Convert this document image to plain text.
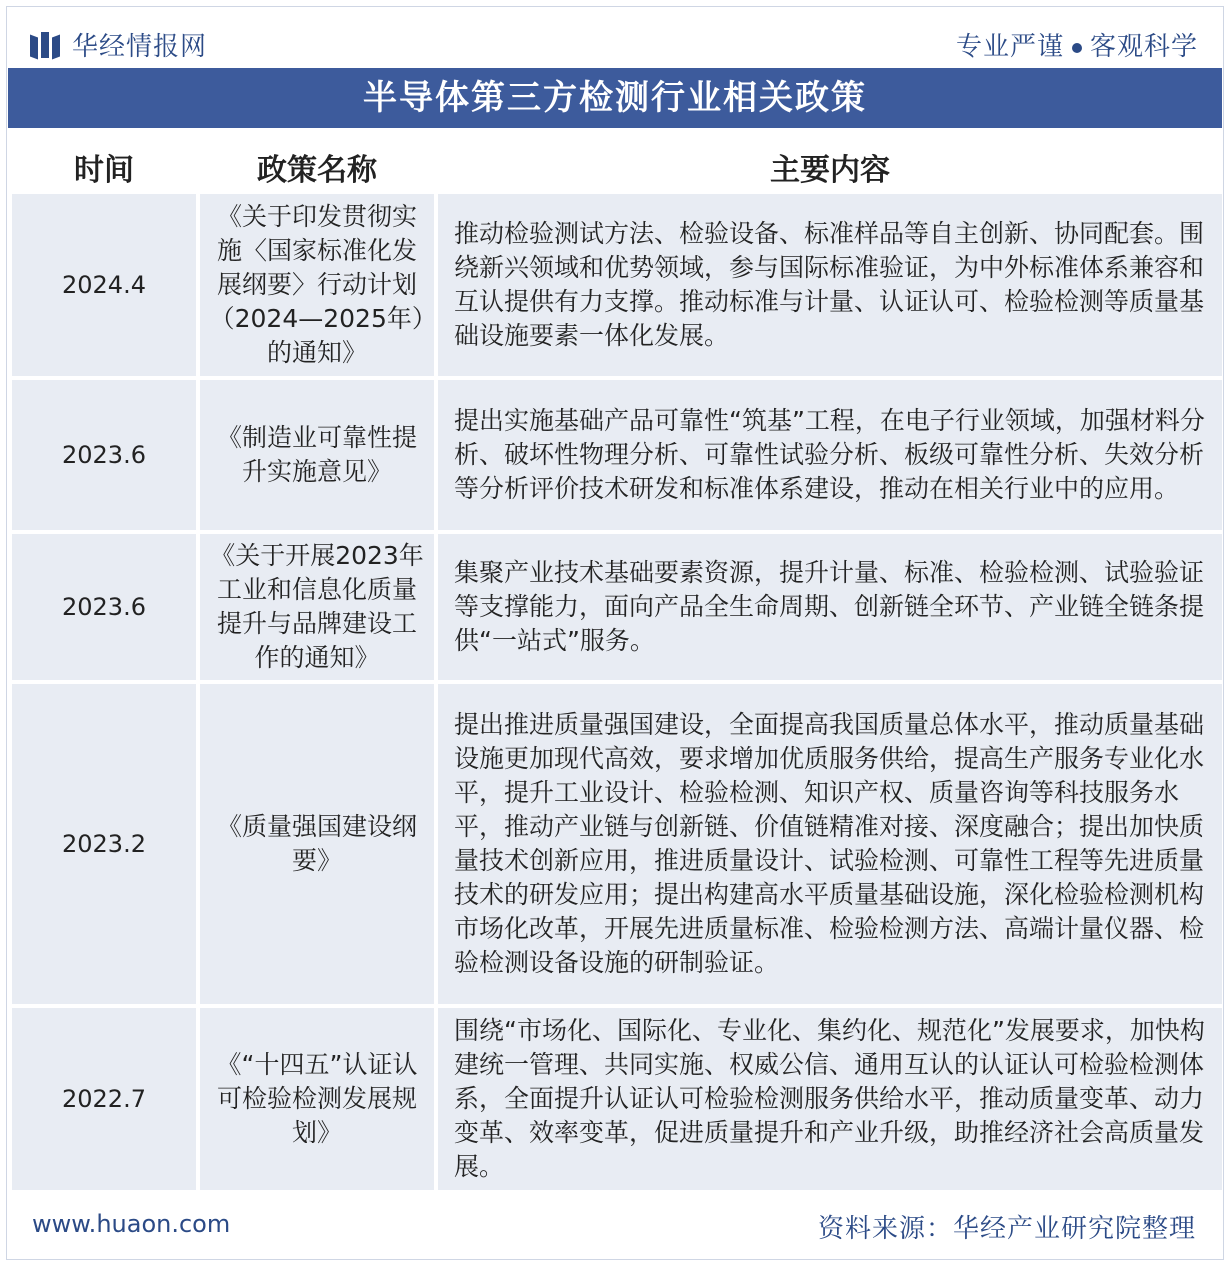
华经情报网	专业严谨 客观科学
半导体第三方检测行业相关政策
时间	政策名称	主要内容
2024.4	《关于印发贯彻实施〈国家标准化发展纲要〉行动计划（2024—2025年）的通知》	推动检验测试方法、检验设备、标准样品等自主创新、协同配套。围绕新兴领域和优势领域，参与国际标准验证，为中外标准体系兼容和互认提供有力支撑。推动标准与计量、认证认可、检验检测等质量基础设施要素一体化发展。
2023.6	《制造业可靠性提升实施意见》	提出实施基础产品可靠性“筑基”工程，在电子行业领域，加强材料分析、破坏性物理分析、可靠性试验分析、板级可靠性分析、失效分析等分析评价技术研发和标准体系建设，推动在相关行业中的应用。
2023.6	《关于开展2023年工业和信息化质量提升与品牌建设工作的通知》	集聚产业技术基础要素资源，提升计量、标准、检验检测、试验验证等支撑能力，面向产品全生命周期、创新链全环节、产业链全链条提供“一站式”服务。
2023.2	《质量强国建设纲要》	提出推进质量强国建设，全面提高我国质量总体水平，推动质量基础设施更加现代高效，要求增加优质服务供给，提高生产服务专业化水平，提升工业设计、检验检测、知识产权、质量咨询等科技服务水平，推动产业链与创新链、价值链精准对接、深度融合；提出加快质量技术创新应用，推进质量设计、试验检测、可靠性工程等先进质量技术的研发应用；提出构建高水平质量基础设施，深化检验检测机构市场化改革，开展先进质量标准、检验检测方法、高端计量仪器、检验检测设备设施的研制验证。
2022.7	《“十四五”认证认可检验检测发展规划》	围绕“市场化、国际化、专业化、集约化、规范化”发展要求，加快构建统一管理、共同实施、权威公信、通用互认的认证认可检验检测体系，全面提升认证认可检验检测服务供给水平，推动质量变革、动力变革、效率变革，促进质量提升和产业升级，助推经济社会高质量发展。
www.huaon.com	资料来源：华经产业研究院整理
